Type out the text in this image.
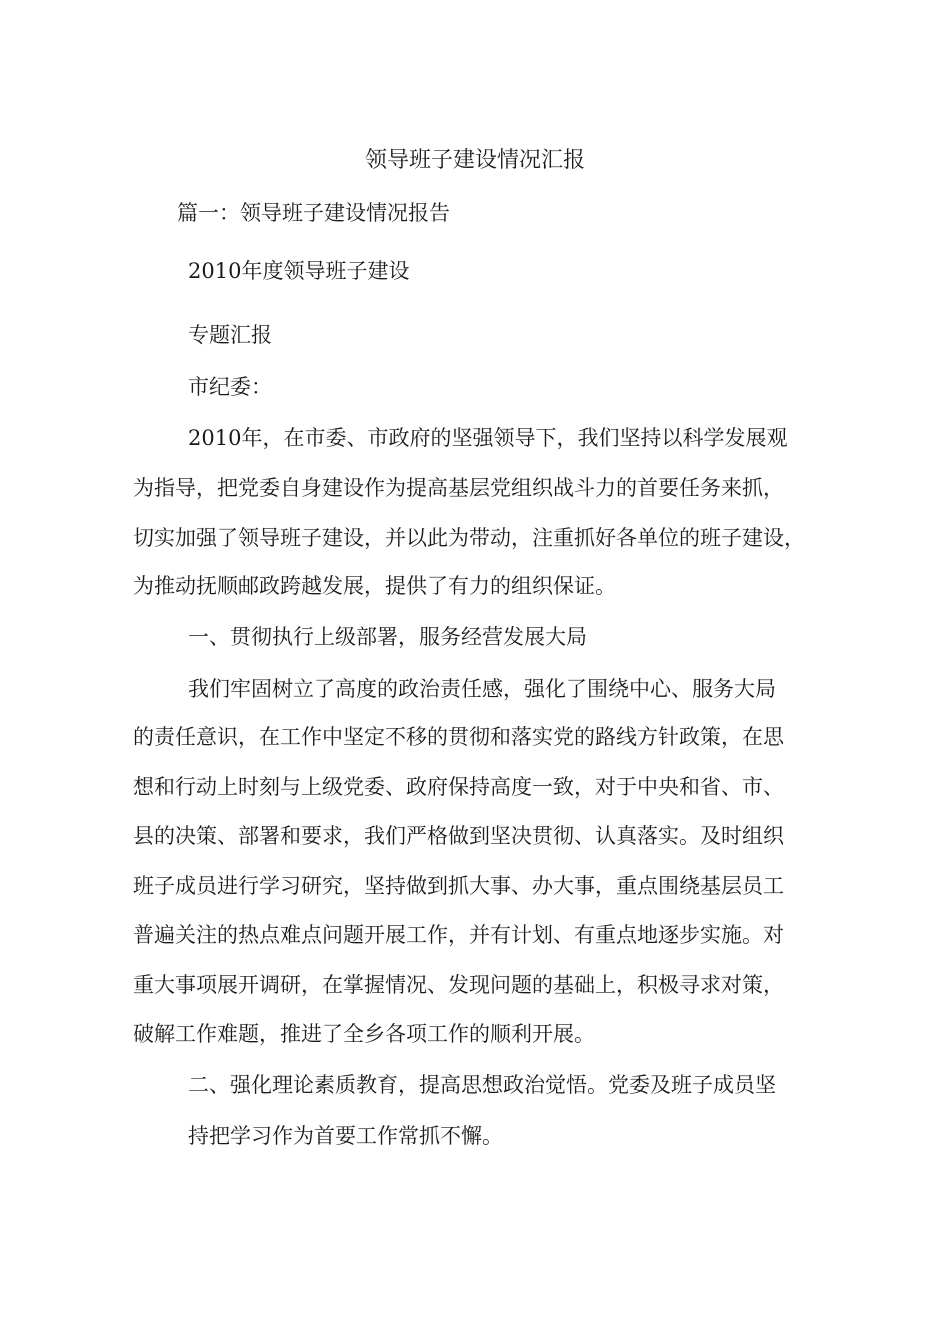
领导班子建设情况汇报
篇一：领导班子建设情况报告
2010年度领导班子建设
专题汇报
市纪委：
2010年，在市委、市政府的坚强领导下，我们坚持以科学发展观
为指导，把党委自身建设作为提高基层党组织战斗力的首要任务来抓，
切实加强了领导班子建设，并以此为带动，注重抓好各单位的班子建设，
为推动抚顺邮政跨越发展，提供了有力的组织保证。
一、贯彻执行上级部署，服务经营发展大局
我们牢固树立了高度的政治责任感，强化了围绕中心、服务大局
的责任意识，在工作中坚定不移的贯彻和落实党的路线方针政策，在思
想和行动上时刻与上级党委、政府保持高度一致，对于中央和省、市、
县的决策、部署和要求，我们严格做到坚决贯彻、认真落实。及时组织
班子成员进行学习研究，坚持做到抓大事、办大事，重点围绕基层员工
普遍关注的热点难点问题开展工作，并有计划、有重点地逐步实施。对
重大事项展开调研，在掌握情况、发现问题的基础上，积极寻求对策，
破解工作难题，推进了全乡各项工作的顺利开展。
二、强化理论素质教育，提高思想政治觉悟。党委及班子成员坚
持把学习作为首要工作常抓不懈。
